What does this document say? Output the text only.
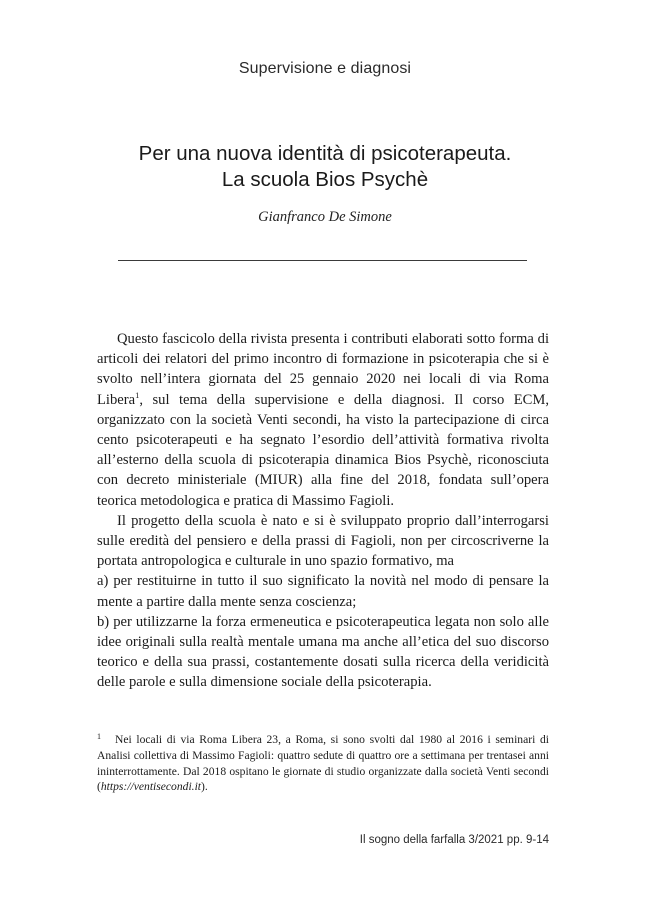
Supervisione e diagnosi
Per una nuova identità di psicoterapeuta.
La scuola Bios Psychè
Gianfranco De Simone

Questo fascicolo della rivista presenta i contributi elaborati sotto forma di articoli dei relatori del primo incontro di formazione in psicoterapia che si è svolto nell’intera giornata del 25 gennaio 2020 nei locali di via Roma Libera$^1$, sul tema della supervisione e della diagnosi. Il corso ECM, organizzato con la società Venti secondi, ha visto la partecipazione di circa cento psicoterapeuti e ha segnato l’esordio dell’attività formativa rivolta all’esterno della scuola di psicoterapia dinamica Bios Psychè, riconosciuta con decreto ministeriale (MIUR) alla fine del 2018, fondata sull’opera teorica metodologica e pratica di Massimo Fagioli.

Il progetto della scuola è nato e si è sviluppato proprio dall’interrogarsi sulle eredità del pensiero e della prassi di Fagioli, non per circoscriverne la portata antropologica e culturale in uno spazio formativo, ma

a) per restituirne in tutto il suo significato la novità nel modo di pensare la mente a partire dalla mente senza coscienza;

b) per utilizzarne la forza ermeneutica e psicoterapeutica legata non solo alle idee originali sulla realtà mentale umana ma anche all’etica del suo discorso teorico e della sua prassi, costantemente dosati sulla ricerca della veridicità delle parole e sulla dimensione sociale della psicoterapia.

1 Nei locali di via Roma Libera 23, a Roma, si sono svolti dal 1980 al 2016 i seminari di Analisi collettiva di Massimo Fagioli: quattro sedute di quattro ore a settimana per trentasei anni ininterrottamente. Dal 2018 ospitano le giornate di studio organizzate dalla società Venti secondi (https://ventisecondi.it).
Il sogno della farfalla 3/2021 pp. 9-14
